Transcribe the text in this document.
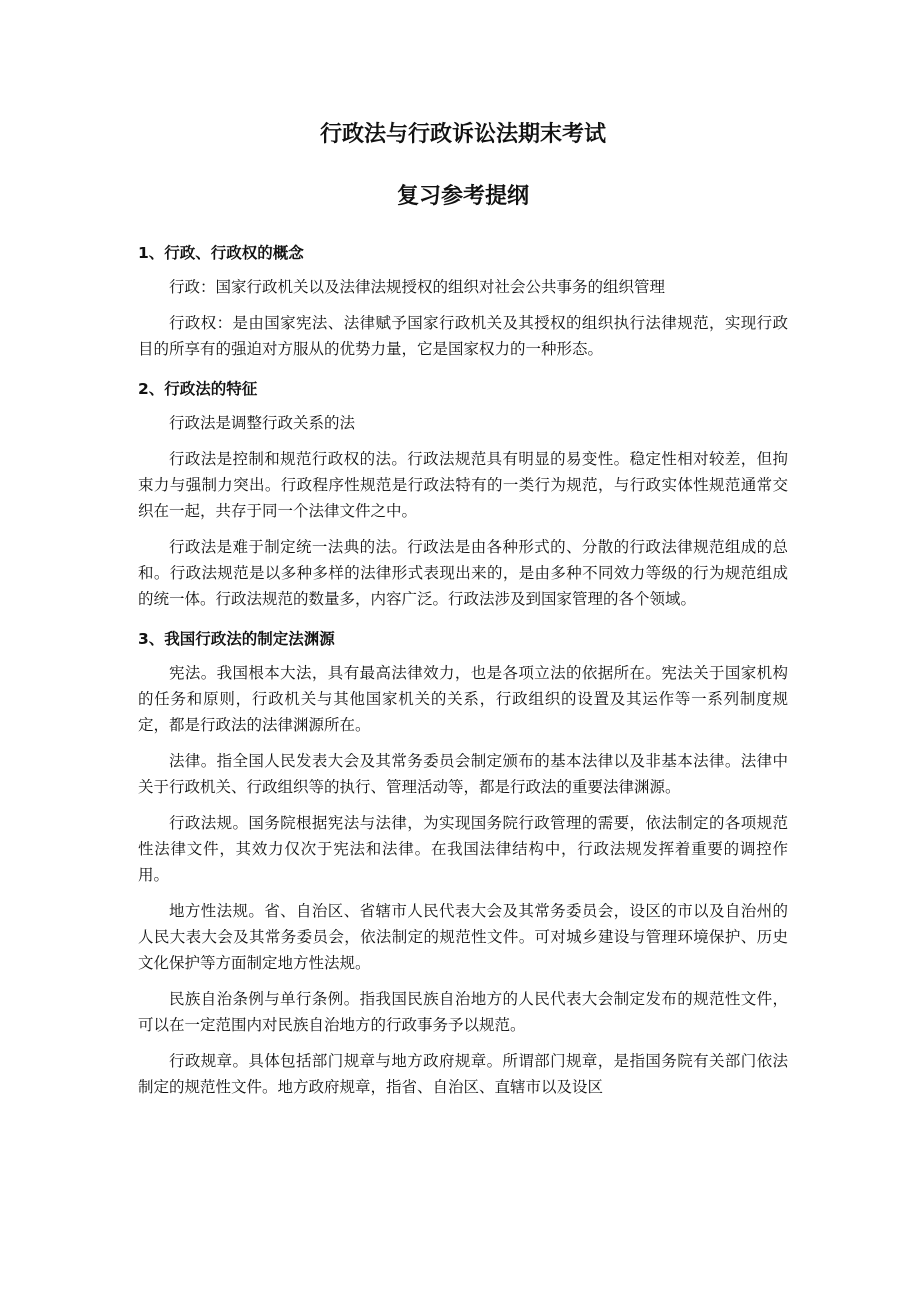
行政法与行政诉讼法期末考试
复习参考提纲
1、行政、行政权的概念

行政：国家行政机关以及法律法规授权的组织对社会公共事务的组织管理

行政权：是由国家宪法、法律赋予国家行政机关及其授权的组织执行法律规范，实现行政目的所享有的强迫对方服从的优势力量，它是国家权力的一种形态。

2、行政法的特征

行政法是调整行政关系的法

行政法是控制和规范行政权的法。行政法规范具有明显的易变性。稳定性相对较差，但拘束力与强制力突出。行政程序性规范是行政法特有的一类行为规范，与行政实体性规范通常交织在一起，共存于同一个法律文件之中。

行政法是难于制定统一法典的法。行政法是由各种形式的、分散的行政法律规范组成的总和。行政法规范是以多种多样的法律形式表现出来的，是由多种不同效力等级的行为规范组成的统一体。行政法规范的数量多，内容广泛。行政法涉及到国家管理的各个领域。

3、我国行政法的制定法渊源

宪法。我国根本大法，具有最高法律效力，也是各项立法的依据所在。宪法关于国家机构的任务和原则，行政机关与其他国家机关的关系，行政组织的设置及其运作等一系列制度规定，都是行政法的法律渊源所在。

法律。指全国人民发表大会及其常务委员会制定颁布的基本法律以及非基本法律。法律中关于行政机关、行政组织等的执行、管理活动等，都是行政法的重要法律渊源。

行政法规。国务院根据宪法与法律，为实现国务院行政管理的需要，依法制定的各项规范性法律文件，其效力仅次于宪法和法律。在我国法律结构中，行政法规发挥着重要的调控作用。

地方性法规。省、自治区、省辖市人民代表大会及其常务委员会，设区的市以及自治州的人民大表大会及其常务委员会，依法制定的规范性文件。可对城乡建设与管理环境保护、历史文化保护等方面制定地方性法规。

民族自治条例与单行条例。指我国民族自治地方的人民代表大会制定发布的规范性文件，可以在一定范围内对民族自治地方的行政事务予以规范。

行政规章。具体包括部门规章与地方政府规章。所谓部门规章，是指国务院有关部门依法制定的规范性文件。地方政府规章，指省、自治区、直辖市以及设区
